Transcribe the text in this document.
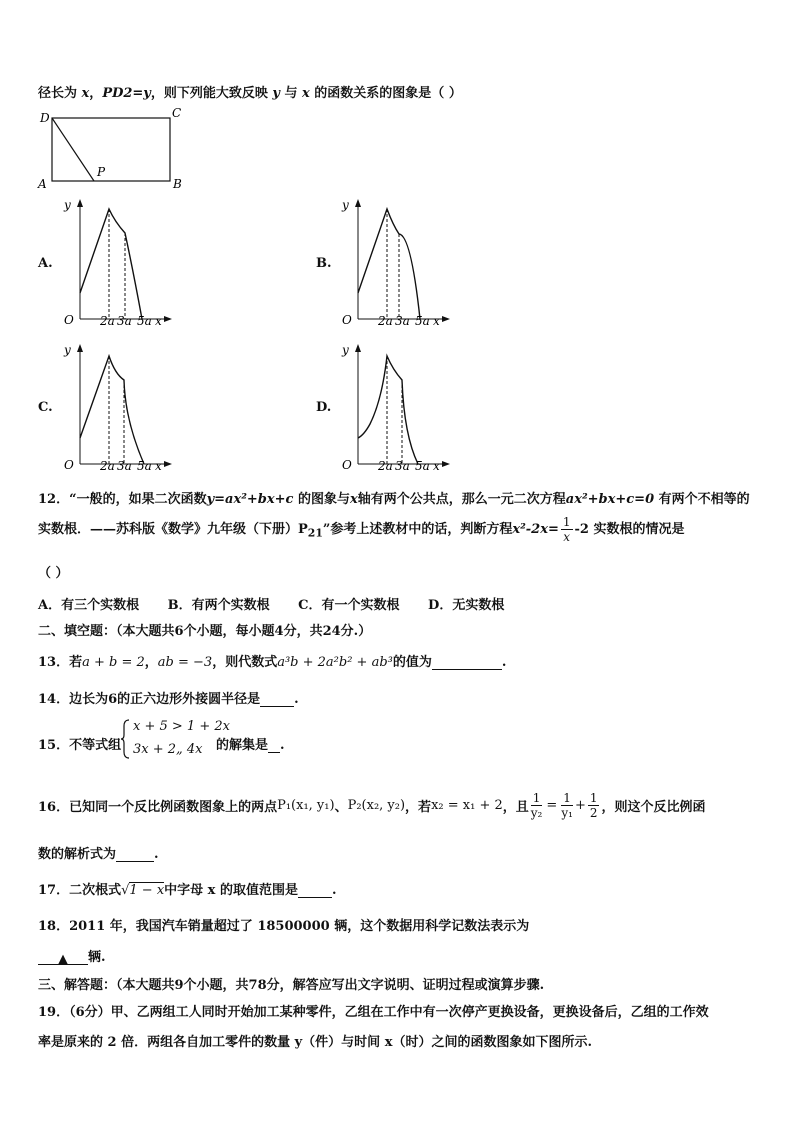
径长为 x，PD2=y，则下列能大致反映 y 与 x 的函数关系的图象是（ ）
D	C
A	B
P
A.	B.
C.	D.
y
O 2a 3a 5a x
y
O 2a 3a 5a x
y
O 2a 3a 5a x
y
O 2a 3a 5a x
12．“一般的，如果二次函数y=ax²+bx+c 的图象与x轴有两个公共点，那么一元二次方程ax²+bx+c=0 有两个不相等的
实数根．——苏科版《数学》九年级（下册）$P_{21}$”参考上述教材中的话，判断方程$x^2-2x= \frac{1}{x} -2$ 实数根的情况是
（ ）
A．有三个实数根 B．有两个实数根 C．有一个实数根 D．无实数根
二、填空题：（本大题共6个小题，每小题4分，共24分.）
13．若a + b = 2，ab = −3，则代数式a³b + 2a²b² + ab³的值为	.
14．边长为6的正六边形外接圆半径是	.
15．不等式组
x + 5 > 1 + 2x
3x + 2„ 4x 的解集是 .
16．已知同一个反比例函数图象上的两点 P₁(x₁, y₁) 、 P₂(x₂, y₂) ，若 x₂ = x₁ + 2 ，且 $\frac{1}{\text{y₂}} = \frac{1}{\text{y₁}} + \frac{1}{2}$ ，则这个反比例函
数的解析式为	.
17．二次根式√1 − x中字母 x 的取值范围是	.
18．2011 年，我国汽车销量超过了 18500000 辆，这个数据用科学记数法表示为
▲ 辆.
三、解答题：（本大题共9个小题，共78分，解答应写出文字说明、证明过程或演算步骤.
19．（6分）甲、乙两组工人同时开始加工某种零件，乙组在工作中有一次停产更换设备，更换设备后，乙组的工作效
率是原来的 2 倍．两组各自加工零件的数量 y（件）与时间 x（时）之间的函数图象如下图所示.
